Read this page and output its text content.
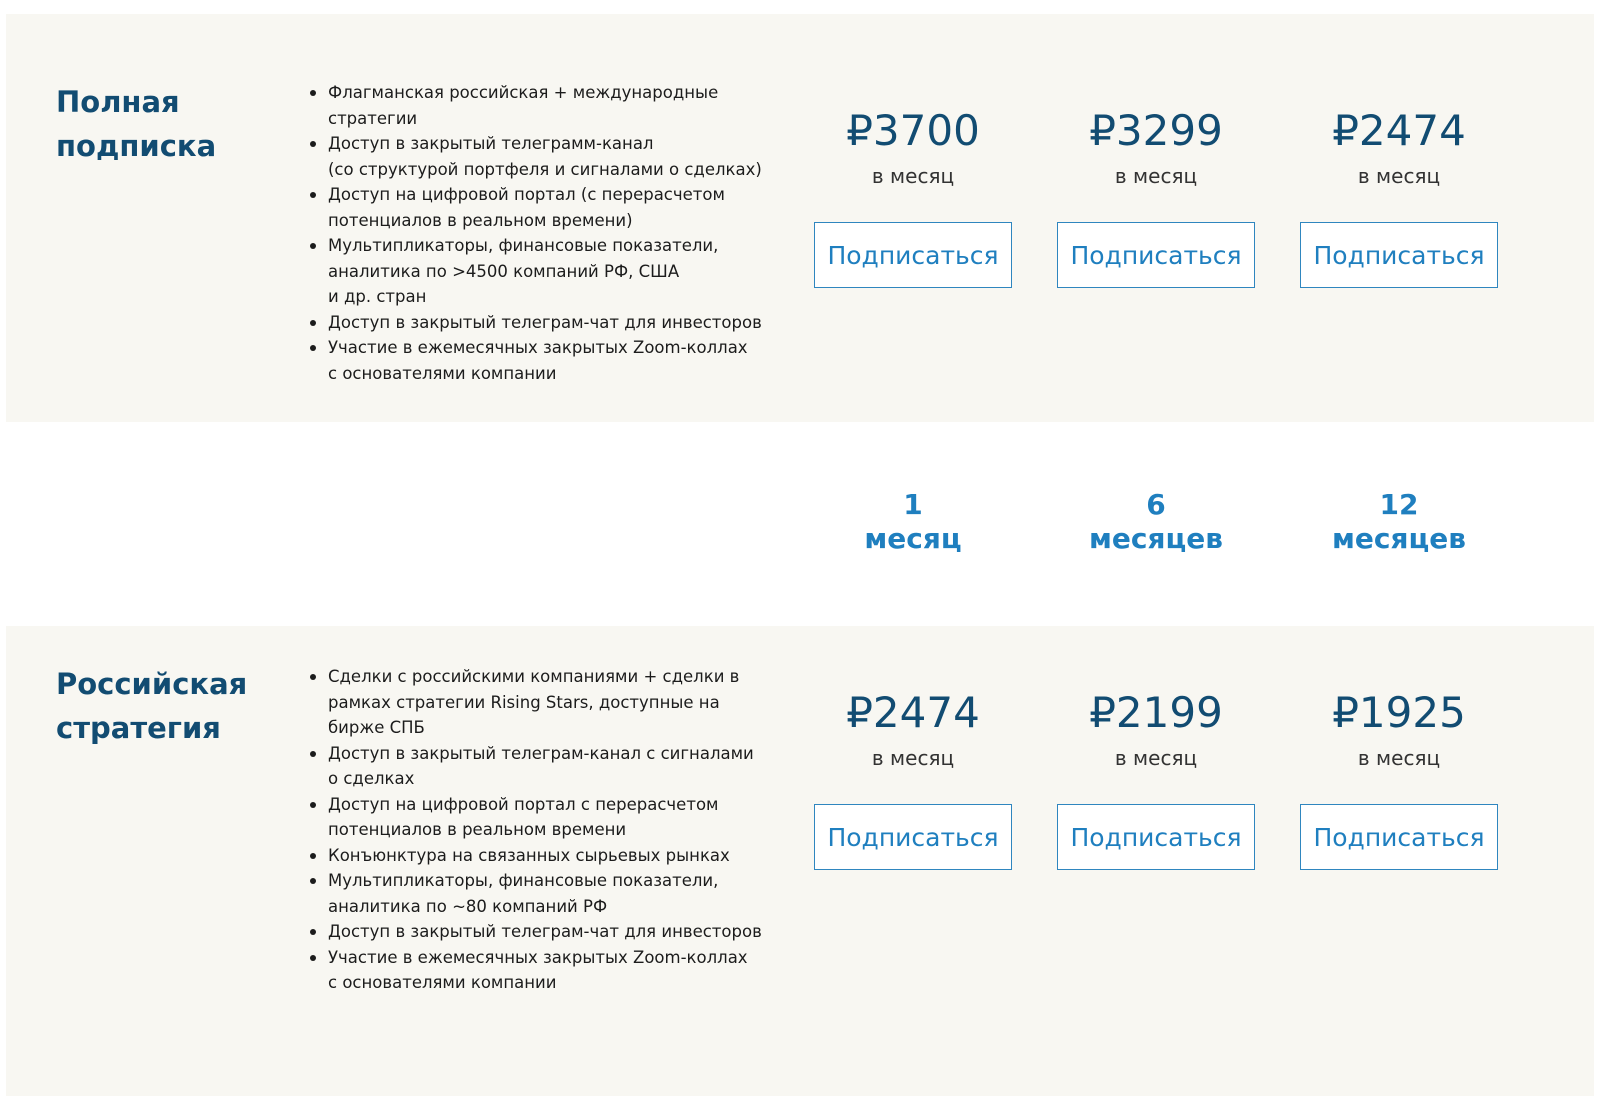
Полная
подписка
Флагманская российская + международные
стратегии
Доступ в закрытый телеграмм-канал
(со структурой портфеля и сигналами о сделках)
Доступ на цифровой портал (с перерасчетом
потенциалов в реальном времени)
Мультипликаторы, финансовые показатели,
аналитика по >4500 компаний РФ, США
и др. стран
Доступ в закрытый телеграм-чат для инвесторов
Участие в ежемесячных закрытых Zoom-коллах
с основателями компании
₽3700
в месяц
Подписаться
₽3299
в месяц
Подписаться
₽2474
в месяц
Подписаться
1
месяц
6
месяцев
12
месяцев
Российская
стратегия
Сделки с российскими компаниями + сделки в
рамках стратегии Rising Stars, доступные на
бирже СПБ
Доступ в закрытый телеграм-канал с сигналами
о сделках
Доступ на цифровой портал с перерасчетом
потенциалов в реальном времени
Конъюнктура на связанных сырьевых рынках
Мультипликаторы, финансовые показатели,
аналитика по ~80 компаний РФ
Доступ в закрытый телеграм-чат для инвесторов
Участие в ежемесячных закрытых Zoom-коллах
с основателями компании
₽2474
в месяц
Подписаться
₽2199
в месяц
Подписаться
₽1925
в месяц
Подписаться
